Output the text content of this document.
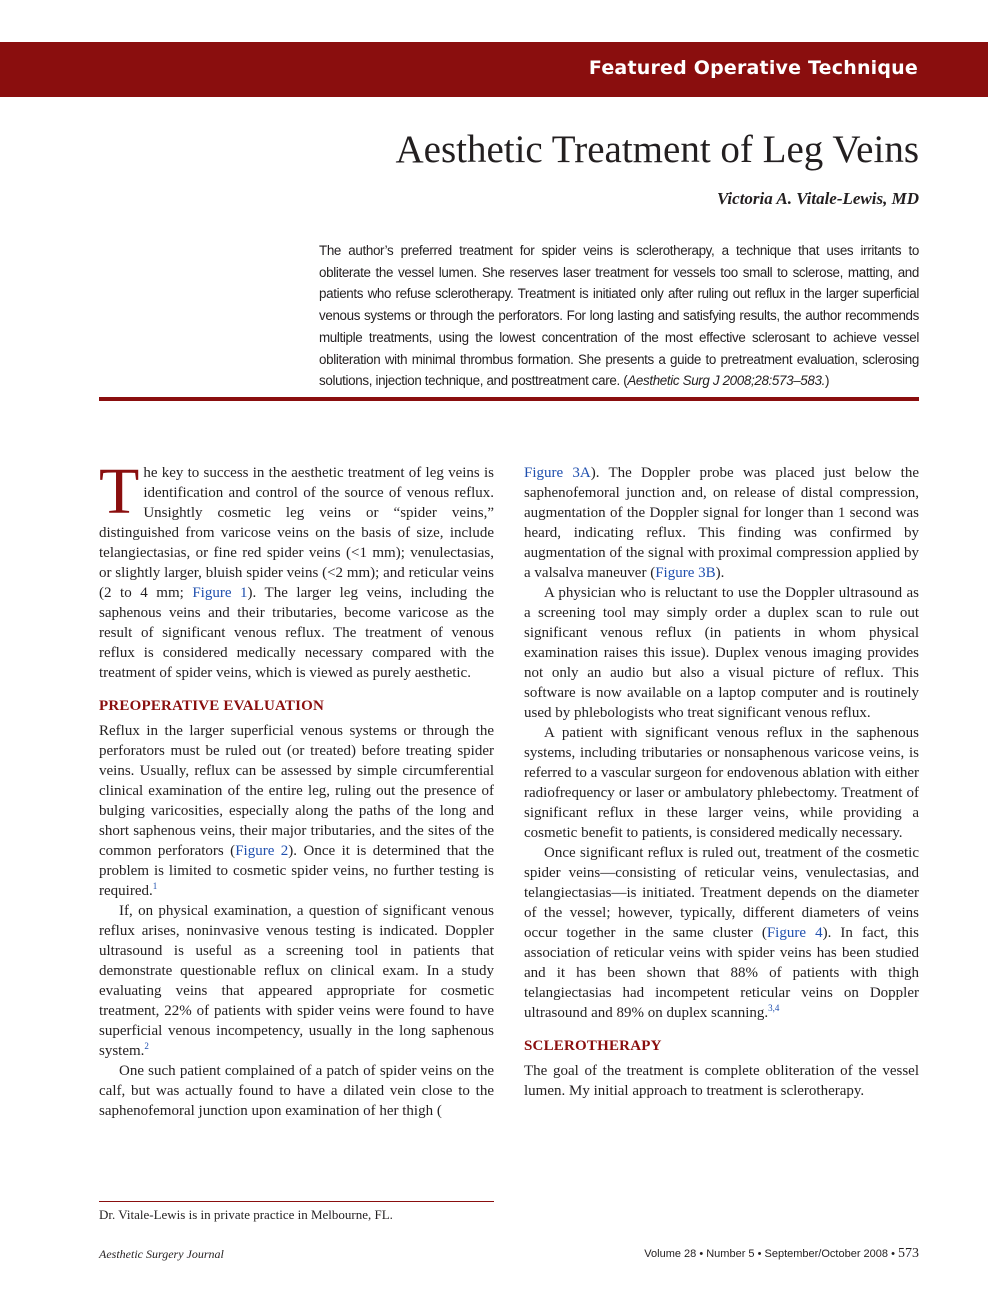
Featured Operative Technique
Aesthetic Treatment of Leg Veins
Victoria A. Vitale-Lewis, MD
The author’s preferred treatment for spider veins is sclerotherapy, a technique that uses irritants to obliterate the vessel lumen. She reserves laser treatment for vessels too small to sclerose, matting, and patients who refuse sclerotherapy. Treatment is initiated only after ruling out reflux in the larger superficial venous systems or through the perforators. For long lasting and satisfying results, the author recommends multiple treatments, using the lowest concentration of the most effective sclerosant to achieve vessel obliteration with minimal thrombus formation. She presents a guide to pretreatment evaluation, sclerosing solutions, injection technique, and posttreatment care. (Aesthetic Surg J 2008;28:573–583.)

The key to success in the aesthetic treatment of leg veins is identification and control of the source of venous reflux. Unsightly cosmetic leg veins or “spider veins,” distinguished from varicose veins on the basis of size, include telangiectasias, or fine red spider veins (<1 mm); venulectasias, or slightly larger, bluish spider veins (<2 mm); and reticular veins (2 to 4 mm; Figure 1). The larger leg veins, including the saphenous veins and their tributaries, become varicose as the result of significant venous reflux. The treatment of venous reflux is considered medically necessary compared with the treatment of spider veins, which is viewed as purely aesthetic.

PREOPERATIVE EVALUATION

Reflux in the larger superficial venous systems or through the perforators must be ruled out (or treated) before treating spider veins. Usually, reflux can be assessed by simple circumferential clinical examination of the entire leg, ruling out the presence of bulging varicosities, especially along the paths of the long and short saphenous veins, their major tributaries, and the sites of the common perforators (Figure 2). Once it is determined that the problem is limited to cosmetic spider veins, no further testing is required.$^1$

If, on physical examination, a question of significant venous reflux arises, noninvasive venous testing is indicated. Doppler ultrasound is useful as a screening tool in patients that demonstrate questionable reflux on clinical exam. In a study evaluating veins that appeared appropriate for cosmetic treatment, 22% of patients with spider veins were found to have superficial venous incompetency, usually in the long saphenous system.$^2$

One such patient complained of a patch of spider veins on the calf, but was actually found to have a dilated vein close to the saphenofemoral junction upon examination of her thigh (

Figure 3A). The Doppler probe was placed just below the saphenofemoral junction and, on release of distal compression, augmentation of the Doppler signal for longer than 1 second was heard, indicating reflux. This finding was confirmed by augmentation of the signal with proximal compression applied by a valsalva maneuver (Figure 3B).

A physician who is reluctant to use the Doppler ultrasound as a screening tool may simply order a duplex scan to rule out significant venous reflux (in patients in whom physical examination raises this issue). Duplex venous imaging provides not only an audio but also a visual picture of reflux. This software is now available on a laptop computer and is routinely used by phlebologists who treat significant venous reflux.

A patient with significant venous reflux in the saphenous systems, including tributaries or nonsaphenous varicose veins, is referred to a vascular surgeon for endovenous ablation with either radiofrequency or laser or ambulatory phlebectomy. Treatment of significant reflux in these larger veins, while providing a cosmetic benefit to patients, is considered medically necessary.

Once significant reflux is ruled out, treatment of the cosmetic spider veins—consisting of reticular veins, venulectasias, and telangiectasias—is initiated. Treatment depends on the diameter of the vessel; however, typically, different diameters of veins occur together in the same cluster (Figure 4). In fact, this association of reticular veins with spider veins has been studied and it has been shown that 88% of patients with thigh telangiectasias had incompetent reticular veins on Doppler ultrasound and 89% on duplex scanning.$^{3,4}$

SCLEROTHERAPY

The goal of the treatment is complete obliteration of the vessel lumen. My initial approach to treatment is sclerotherapy.

Dr. Vitale-Lewis is in private practice in Melbourne, FL.
Aesthetic Surgery Journal	Volume 28 • Number 5 • September/October 2008 • 573
